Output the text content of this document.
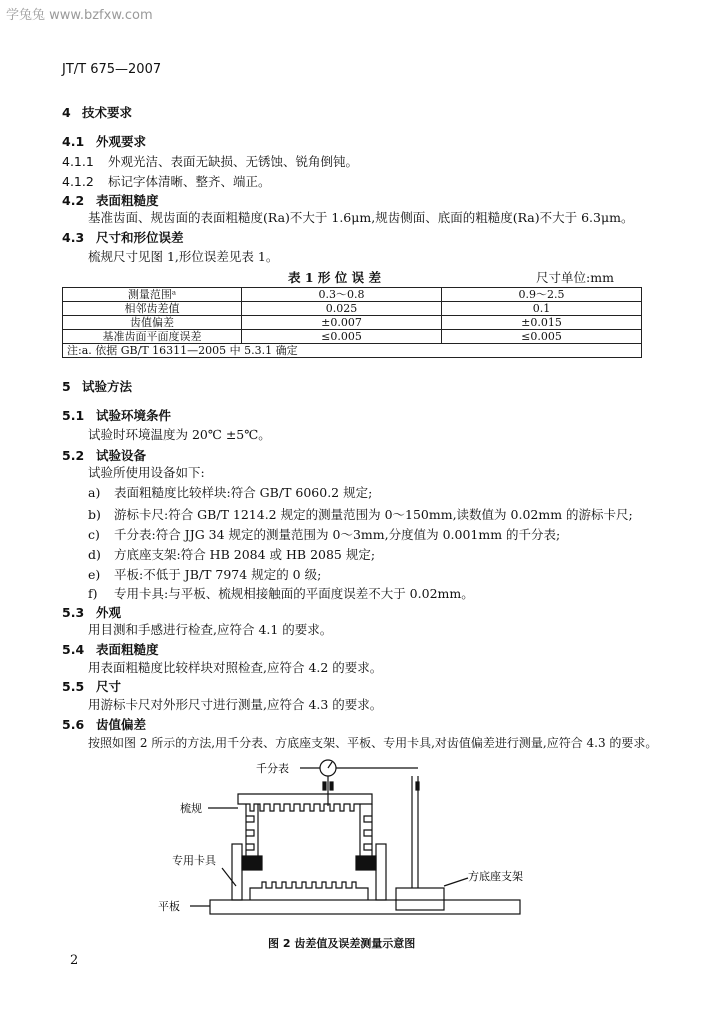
学兔兔 www.bzfxw.com
JT/T 675—2007
4 技术要求
4.1 外观要求
4.1.1 外观光洁、表面无缺损、无锈蚀、锐角倒钝。
4.1.2 标记字体清晰、整齐、端正。
4.2 表面粗糙度
基准齿面、规齿面的表面粗糙度(Ra)不大于 1.6μm,规齿侧面、底面的粗糙度(Ra)不大于 6.3μm。
4.3 尺寸和形位误差
梳规尺寸见图 1,形位误差见表 1。
表 1 形 位 误 差	尺寸单位:mm
测量范围ᵃ	0.3～0.8	0.9～2.5
相邻齿差值	0.025	0.1
齿值偏差	±0.007	±0.015
基准齿面平面度误差	≤0.005	≤0.005
注:a. 依据 GB/T 16311—2005 中 5.3.1 确定		
5 试验方法
5.1 试验环境条件
试验时环境温度为 20℃ ±5℃。
5.2 试验设备
试验所使用设备如下:
a) 表面粗糙度比较样块:符合 GB/T 6060.2 规定;
b) 游标卡尺:符合 GB/T 1214.2 规定的测量范围为 0～150mm,读数值为 0.02mm 的游标卡尺;
c) 千分表:符合 JJG 34 规定的测量范围为 0～3mm,分度值为 0.001mm 的千分表;
d) 方底座支架:符合 HB 2084 或 HB 2085 规定;
e) 平板:不低于 JB/T 7974 规定的 0 级;
f) 专用卡具:与平板、梳规相接触面的平面度误差不大于 0.02mm。
5.3 外观
用目测和手感进行检查,应符合 4.1 的要求。
5.4 表面粗糙度
用表面粗糙度比较样块对照检查,应符合 4.2 的要求。
5.5 尺寸
用游标卡尺对外形尺寸进行测量,应符合 4.3 的要求。
5.6 齿值偏差
按照如图 2 所示的方法,用千分表、方底座支架、平板、专用卡具,对齿值偏差进行测量,应符合 4.3 的要求。
千分表
梳规
专用卡具
方底座支架
平板
图 2 齿差值及误差测量示意图
2
